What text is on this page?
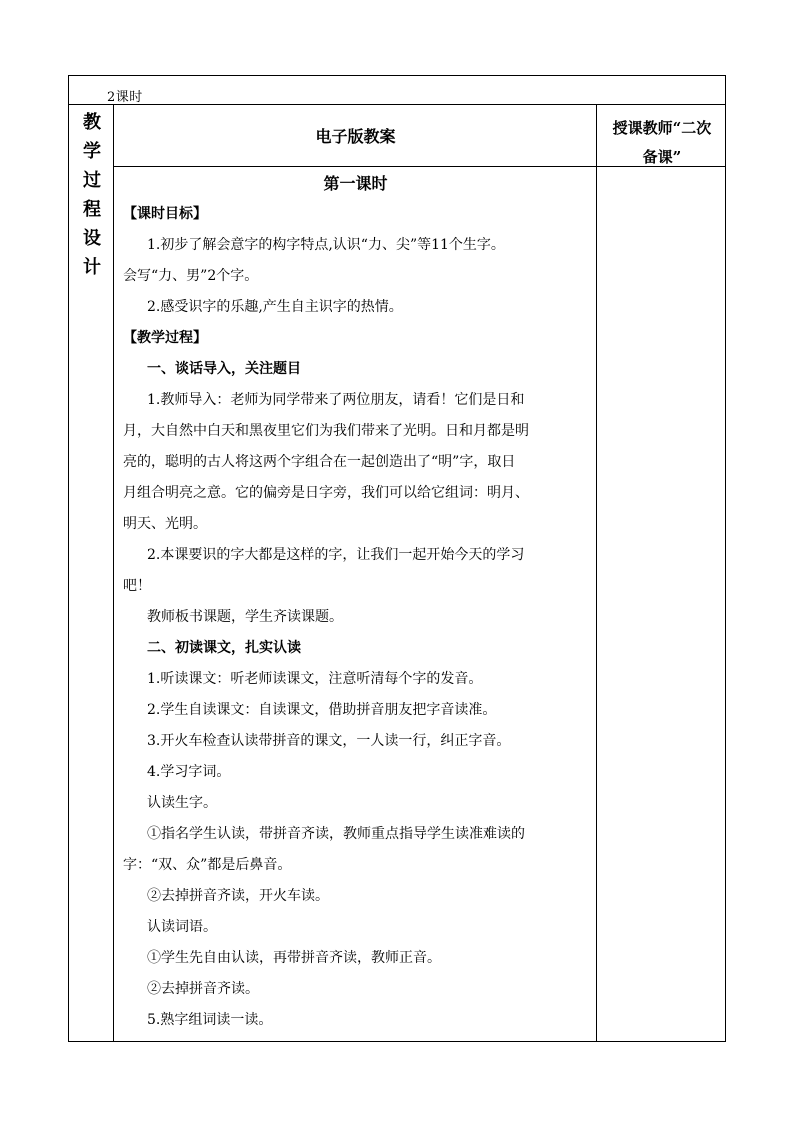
2课时
教
学
过
程
设
计
电子版教案	授课教师“二次
备课”
第一课时
【课时目标】
1.初步了解会意字的构字特点,认识“力、尖”等11个生字。
会写“力、男”2个字。
2.感受识字的乐趣,产生自主识字的热情。
【教学过程】
一、谈话导入，关注题目
1.教师导入：老师为同学带来了两位朋友，请看！它们是日和
月，大自然中白天和黑夜里它们为我们带来了光明。日和月都是明
亮的，聪明的古人将这两个字组合在一起创造出了“明”字，取日
月组合明亮之意。它的偏旁是日字旁，我们可以给它组词：明月、
明天、光明。
2.本课要识的字大都是这样的字，让我们一起开始今天的学习
吧！
教师板书课题，学生齐读课题。
二、初读课文，扎实认读
1.听读课文：听老师读课文，注意听清每个字的发音。
2.学生自读课文：自读课文，借助拼音朋友把字音读准。
3.开火车检查认读带拼音的课文，一人读一行，纠正字音。
4.学习字词。
认读生字。
①指名学生认读，带拼音齐读，教师重点指导学生读准难读的
字：“双、众”都是后鼻音。
②去掉拼音齐读，开火车读。
认读词语。
①学生先自由认读，再带拼音齐读，教师正音。
②去掉拼音齐读。
5.熟字组词读一读。
